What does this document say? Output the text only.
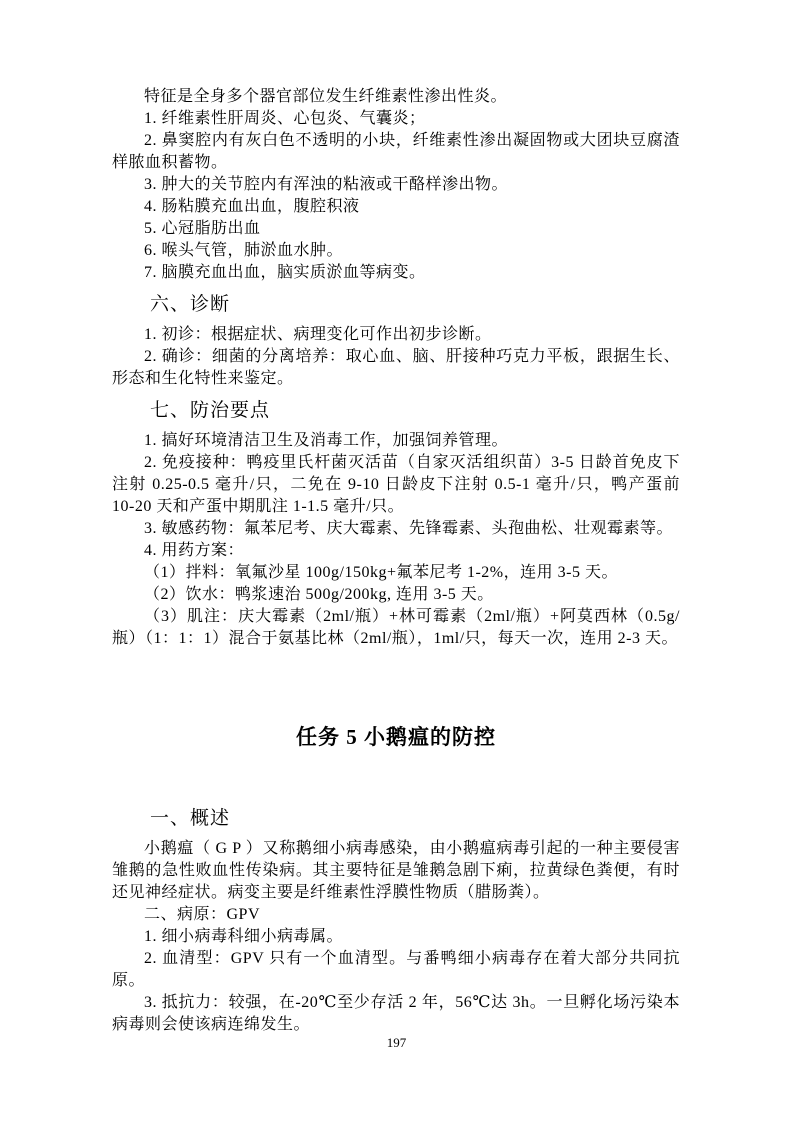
特征是全身多个器官部位发生纤维素性渗出性炎。

1. 纤维素性肝周炎、心包炎、气囊炎；

2. 鼻窦腔内有灰白色不透明的小块，纤维素性渗出凝固物或大团块豆腐渣样脓血积蓄物。

3. 肿大的关节腔内有浑浊的粘液或干酪样渗出物。

4. 肠粘膜充血出血，腹腔积液

5. 心冠脂肪出血

6. 喉头气管，肺淤血水肿。

7. 脑膜充血出血，脑实质淤血等病变。

六、诊断

1. 初诊：根据症状、病理变化可作出初步诊断。

2. 确诊：细菌的分离培养：取心血、脑、肝接种巧克力平板，跟据生长、形态和生化特性来鉴定。

七、防治要点

1. 搞好环境清洁卫生及消毒工作，加强饲养管理。

2. 免疫接种：鸭疫里氏杆菌灭活苗（自家灭活组织苗）3-5 日龄首免皮下注射 0.25-0.5 毫升/只，二免在 9-10 日龄皮下注射 0.5-1 毫升/只，鸭产蛋前 10-20 天和产蛋中期肌注 1-1.5 毫升/只。

3. 敏感药物：氟苯尼考、庆大霉素、先锋霉素、头孢曲松、壮观霉素等。

4. 用药方案：

（1）拌料：氧氟沙星 100g/150kg+氟苯尼考 1-2%，连用 3-5 天。

（2）饮水：鸭浆速治 500g/200kg, 连用 3-5 天。

（3）肌注：庆大霉素（2ml/瓶）+林可霉素（2ml/瓶）+阿莫西林（0.5g/瓶）（1：1：1）混合于氨基比林（2ml/瓶），1ml/只，每天一次，连用 2-3 天。

任务 5 小鹅瘟的防控
一、概述

小鹅瘟（ G P ）又称鹅细小病毒感染，由小鹅瘟病毒引起的一种主要侵害雏鹅的急性败血性传染病。其主要特征是雏鹅急剧下痢，拉黄绿色粪便，有时还见神经症状。病变主要是纤维素性浮膜性物质（腊肠粪）。

二、病原：GPV

1. 细小病毒科细小病毒属。

2. 血清型：GPV 只有一个血清型。与番鸭细小病毒存在着大部分共同抗原。

3. 抵抗力：较强，在-20℃至少存活 2 年，56℃达 3h。一旦孵化场污染本病毒则会使该病连绵发生。

197
